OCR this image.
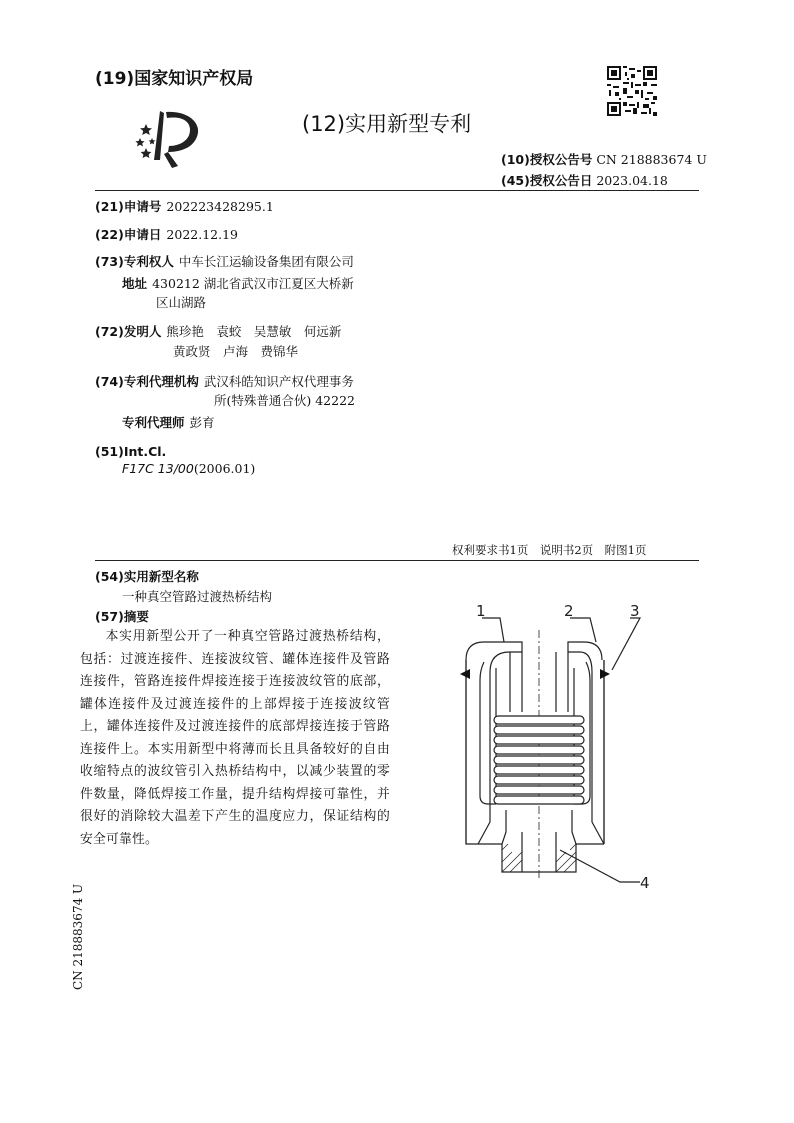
(19)国家知识产权局
(12)实用新型专利
(10)授权公告号 CN 218883674 U
(45)授权公告日 2023.04.18
(21)申请号 202223428295.1
(22)申请日 2022.12.19
(73)专利权人 中车长江运输设备集团有限公司
地址 430212 湖北省武汉市江夏区大桥新
区山湖路
(72)发明人 熊珍艳　袁蛟　吴慧敏　何远新
黄政贤　卢海　费锦华
(74)专利代理机构 武汉科皓知识产权代理事务
所(特殊普通合伙) 42222
专利代理师 彭育
(51)Int.Cl.
F17C 13/00(2006.01)
权利要求书1页　说明书2页　附图1页
(54)实用新型名称
一种真空管路过渡热桥结构
(57)摘要

本实用新型公开了一种真空管路过渡热桥结构，包括：过渡连接件、连接波纹管、罐体连接件及管路连接件，管路连接件焊接连接于连接波纹管的底部，罐体连接件及过渡连接件的上部焊接于连接波纹管上，罐体连接件及过渡连接件的底部焊接连接于管路连接件上。本实用新型中将薄而长且具备较好的自由收缩特点的波纹管引入热桥结构中，以减少装置的零件数量，降低焊接工作量，提升结构焊接可靠性，并很好的消除较大温差下产生的温度应力，保证结构的安全可靠性。

1	2	3
4
CN 218883674 U
